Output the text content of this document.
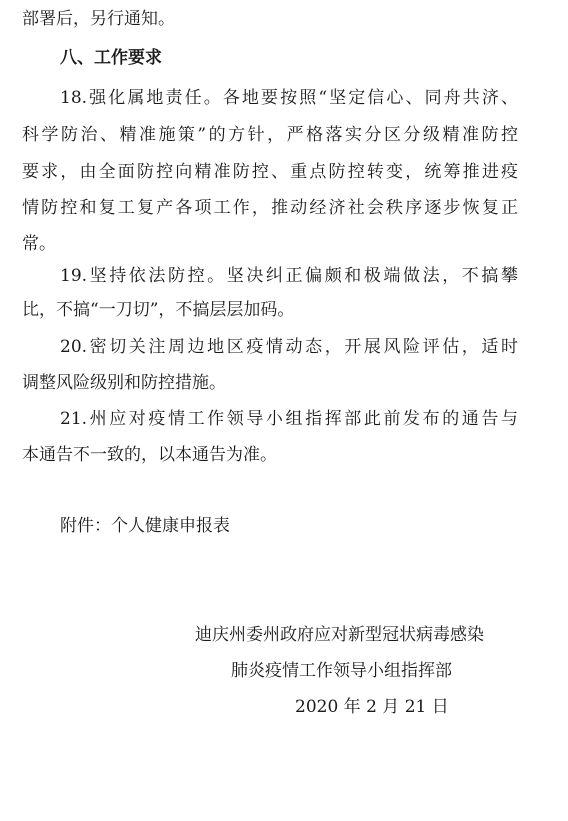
部署后，另行通知。
八、工作要求
18.强化属地责任。各地要按照“坚定信心、同舟共济、
科学防治、精准施策”的方针，严格落实分区分级精准防控
要求，由全面防控向精准防控、重点防控转变，统筹推进疫
情防控和复工复产各项工作，推动经济社会秩序逐步恢复正
常。
19.坚持依法防控。坚决纠正偏颇和极端做法，不搞攀
比，不搞“一刀切”，不搞层层加码。
20.密切关注周边地区疫情动态，开展风险评估，适时
调整风险级别和防控措施。
21.州应对疫情工作领导小组指挥部此前发布的通告与
本通告不一致的，以本通告为准。
附件：个人健康申报表
迪庆州委州政府应对新型冠状病毒感染
肺炎疫情工作领导小组指挥部
2020 年 2 月 21 日
